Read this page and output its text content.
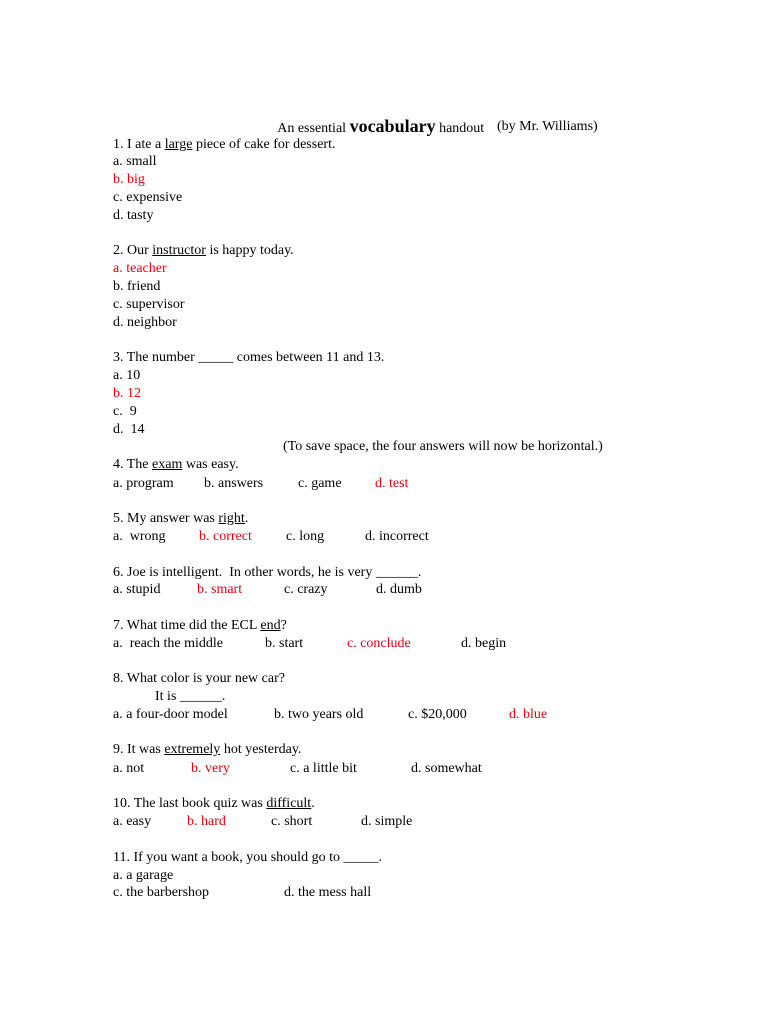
An essential vocabulary handout (by Mr. Williams)
1. I ate a large piece of cake for dessert.
a. small
b. big
c. expensive
d. tasty
2. Our instructor is happy today.
a. teacher
b. friend
c. supervisor
d. neighbor
3. The number _____ comes between 11 and 13.
a. 10
b. 12
c.  9
d.  14
(To save space, the four answers will now be horizontal.)
4. The exam was easy.
a. program b. answers c. game d. test
5. My answer was right.
a.  wrong b. correct c. long	d. incorrect
6. Joe is intelligent.  In other words, he is very ______.
a. stupid	b. smart	c. crazy	d. dumb
7. What time did the ECL end?
a.  reach the middle	b. start	c. conclude	d. begin
8. What color is your new car?
It is ______.
a. a four-door model	b. two years old	c. $20,000	d. blue
9. It was extremely hot yesterday.
a. not	b. very	c. a little bit	d. somewhat
10. The last book quiz was difficult.
a. easy	b. hard	c. short	d. simple
11. If you want a book, you should go to _____.
a. a garage
c. the barbershop	d. the mess hall
